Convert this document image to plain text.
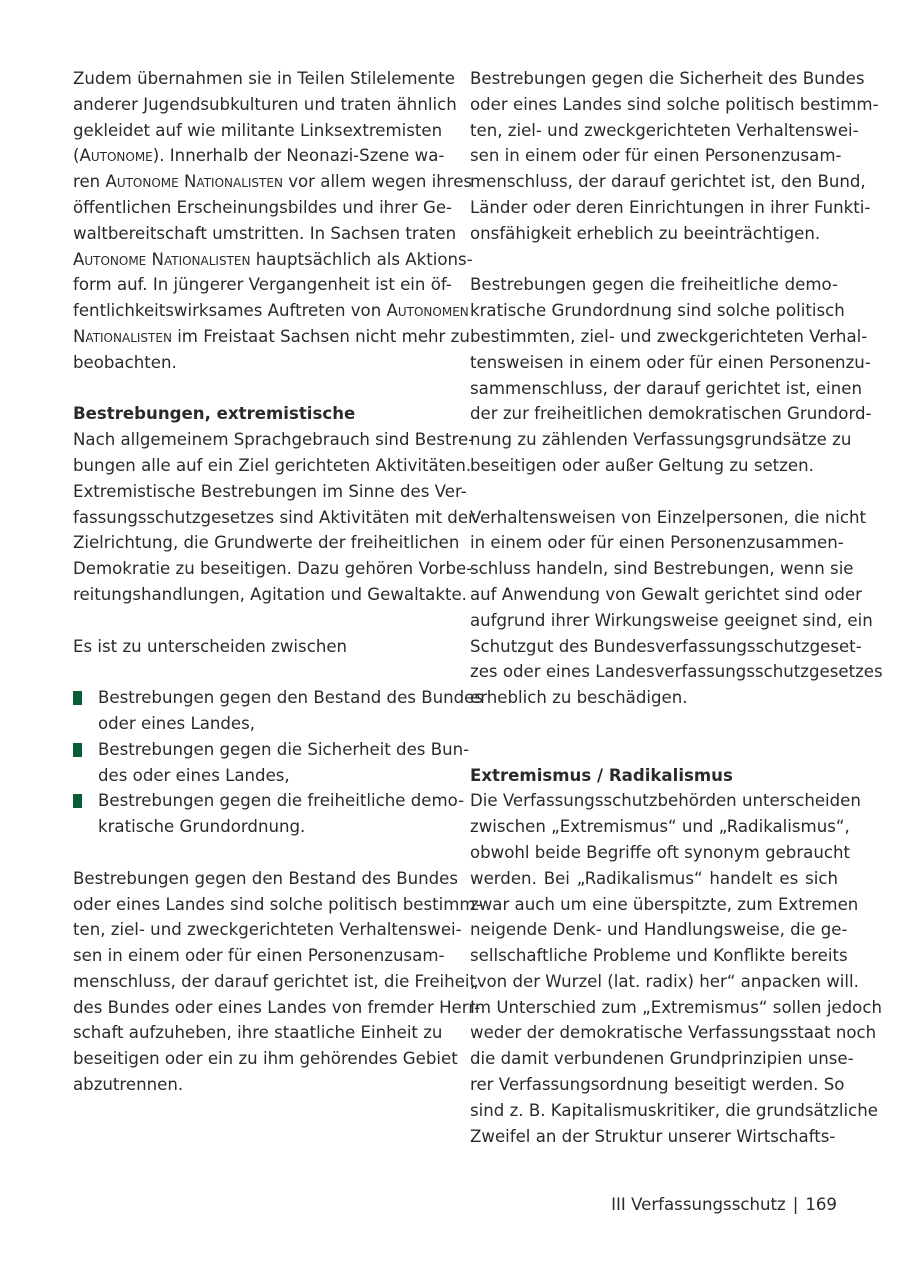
Zudem übernahmen sie in Teilen Stilelemente
anderer Jugendsubkulturen und traten ähnlich
gekleidet auf wie militante Linksextremisten
(Autonome). Innerhalb der Neonazi-Szene wa-
ren Autonome Nationalisten vor allem wegen ihres
öffentlichen Erscheinungsbildes und ihrer Ge-
waltbereitschaft umstritten. In Sachsen traten
Autonome Nationalisten hauptsächlich als Aktions-
form auf. In jüngerer Vergangenheit ist ein öf-
fentlichkeitswirksames Auftreten von Autonomen
Nationalisten im Freistaat Sachsen nicht mehr zu
beobachten.
Bestrebungen, extremistische
Nach allgemeinem Sprachgebrauch sind Bestre-
bungen alle auf ein Ziel gerichteten Aktivitäten.
Extremistische Bestrebungen im Sinne des Ver-
fassungsschutzgesetzes sind Aktivitäten mit der
Zielrichtung, die Grundwerte der freiheitlichen
Demokratie zu beseitigen. Dazu gehören Vorbe-
reitungshandlungen, Agitation und Gewaltakte.
Es ist zu unterscheiden zwischen
Bestrebungen gegen den Bestand des Bundes
oder eines Landes,
Bestrebungen gegen die Sicherheit des Bun-
des oder eines Landes,
Bestrebungen gegen die freiheitliche demo-
kratische Grundordnung.
Bestrebungen gegen den Bestand des Bundes
oder eines Landes sind solche politisch bestimm-
ten, ziel- und zweckgerichteten Verhaltenswei-
sen in einem oder für einen Personenzusam-
menschluss, der darauf gerichtet ist, die Freiheit
des Bundes oder eines Landes von fremder Herr-
schaft aufzuheben, ihre staatliche Einheit zu
beseitigen oder ein zu ihm gehörendes Gebiet
abzutrennen.
Bestrebungen gegen die Sicherheit des Bundes
oder eines Landes sind solche politisch bestimm-
ten, ziel- und zweckgerichteten Verhaltenswei-
sen in einem oder für einen Personenzusam-
menschluss, der darauf gerichtet ist, den Bund,
Länder oder deren Einrichtungen in ihrer Funkti-
onsfähigkeit erheblich zu beeinträchtigen.
Bestrebungen gegen die freiheitliche demo-
kratische Grundordnung sind solche politisch
bestimmten, ziel- und zweckgerichteten Verhal-
tensweisen in einem oder für einen Personenzu-
sammenschluss, der darauf gerichtet ist, einen
der zur freiheitlichen demokratischen Grundord-
nung zu zählenden Verfassungsgrundsätze zu
beseitigen oder außer Geltung zu setzen.
Verhaltensweisen von Einzelpersonen, die nicht
in einem oder für einen Personenzusammen-
schluss handeln, sind Bestrebungen, wenn sie
auf Anwendung von Gewalt gerichtet sind oder
aufgrund ihrer Wirkungsweise geeignet sind, ein
Schutzgut des Bundesverfassungsschutzgeset-
zes oder eines Landesverfassungsschutzgesetzes
erheblich zu beschädigen.
Extremismus / Radikalismus
Die Verfassungsschutzbehörden unterscheiden
zwischen „Extremismus“ und „Radikalismus“,
obwohl beide Begriffe oft synonym gebraucht
werden. Bei „Radikalismus“ handelt es sich
zwar auch um eine überspitzte, zum Extremen
neigende Denk- und Handlungsweise, die ge-
sellschaftliche Probleme und Konflikte bereits
„von der Wurzel (lat. radix) her“ anpacken will.
Im Unterschied zum „Extremismus“ sollen jedoch
weder der demokratische Verfassungsstaat noch
die damit verbundenen Grundprinzipien unse-
rer Verfassungsordnung beseitigt werden. So
sind z. B. Kapitalismuskritiker, die grundsätzliche
Zweifel an der Struktur unserer Wirtschafts-
III Verfassungsschutz | 169
